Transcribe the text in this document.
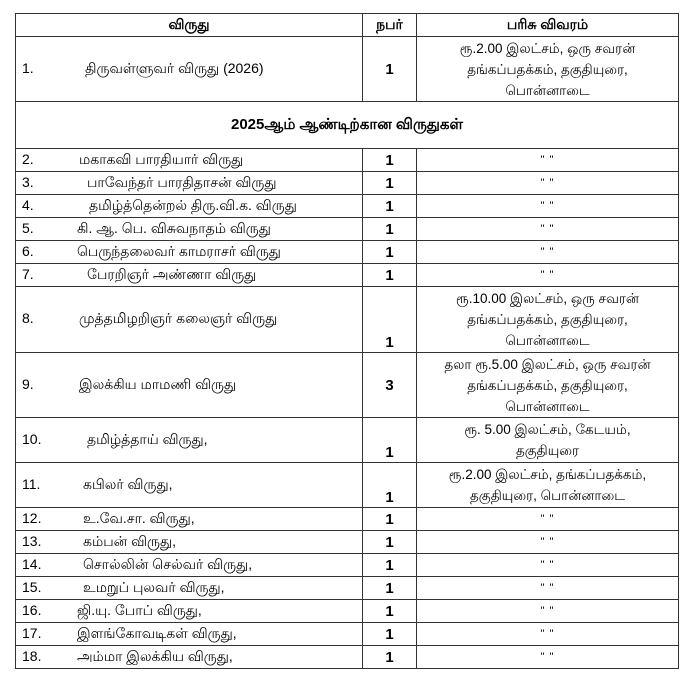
விருது	நபர்	பரிசு விவரம்
1. திருவள்ளுவர் விருது (2026)	1	ரூ.2.00 இலட்சம், ஒரு சவரன்
தங்கப்பதக்கம், தகுதியுரை,
பொன்னாடை

2025ஆம் ஆண்டிற்கான விருதுகள்		
2. மகாகவி பாரதியார் விருது	1	" "

3. பாவேந்தர் பாரதிதாசன் விருது	1	" "

4. தமிழ்த்தென்றல் திரு.வி.க. விருது	1	" "

5. கி. ஆ. பெ. விசுவநாதம் விருது	1	" "

6. பெருந்தலைவர் காமராசர் விருது	1	" "

7. பேரறிஞர் அண்ணா விருது	1	" "

8. முத்தமிழறிஞர் கலைஞர் விருது	1	ரூ.10.00 இலட்சம், ஒரு சவரன்
தங்கப்பதக்கம், தகுதியுரை,
பொன்னாடை

9. இலக்கிய மாமணி விருது	3	தலா ரூ.5.00 இலட்சம், ஒரு சவரன்
தங்கப்பதக்கம், தகுதியுரை,
பொன்னாடை

10. தமிழ்த்தாய் விருது,	1	ரூ. 5.00 இலட்சம், கேடயம்,
தகுதியுரை

11. கபிலர் விருது,	1	ரூ.2.00 இலட்சம், தங்கப்பதக்கம்,
தகுதியுரை, பொன்னாடை

12. உ.வே.சா. விருது,	1	" "

13. கம்பன் விருது,	1	" "

14. சொல்லின் செல்வர் விருது,	1	" "

15. உமறுப் புலவர் விருது,	1	" "

16. ஜி.யு. போப் விருது,	1	" "

17. இளங்கோவடிகள் விருது,	1	" "

18. அம்மா இலக்கிய விருது,	1	" "
